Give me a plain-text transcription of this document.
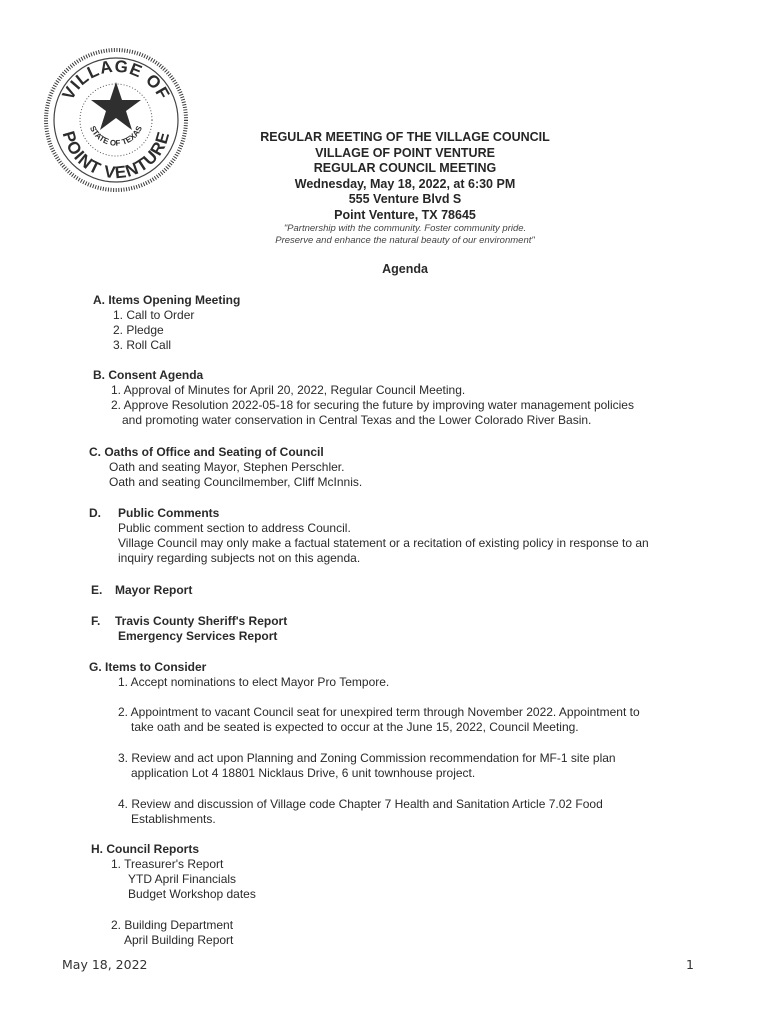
VILLAGE OF
STATE OF TEXAS
POINT VENTURE	REGULAR MEETING OF THE VILLAGE COUNCIL
VILLAGE OF POINT VENTURE
REGULAR COUNCIL MEETING
Wednesday, May 18, 2022, at 6:30 PM
555 Venture Blvd S
Point Venture, TX 78645
"Partnership with the community. Foster community pride.
Preserve and enhance the natural beauty of our environment"
Agenda
A. Items Opening Meeting
1. Call to Order
2. Pledge
3. Roll Call
B. Consent Agenda
1. Approval of Minutes for April 20, 2022, Regular Council Meeting.
2. Approve Resolution 2022-05-18 for securing the future by improving water management policies
and promoting water conservation in Central Texas and the Lower Colorado River Basin.
C. Oaths of Office and Seating of Council
Oath and seating Mayor, Stephen Perschler.
Oath and seating Councilmember, Cliff McInnis.
D. Public Comments
Public comment section to address Council.
Village Council may only make a factual statement or a recitation of existing policy in response to an
inquiry regarding subjects not on this agenda.
E. Mayor Report
F. Travis County Sheriff's Report
Emergency Services Report
G. Items to Consider
1. Accept nominations to elect Mayor Pro Tempore.
2. Appointment to vacant Council seat for unexpired term through November 2022. Appointment to
take oath and be seated is expected to occur at the June 15, 2022, Council Meeting.
3. Review and act upon Planning and Zoning Commission recommendation for MF-1 site plan
application Lot 4 18801 Nicklaus Drive, 6 unit townhouse project.
4. Review and discussion of Village code Chapter 7 Health and Sanitation Article 7.02 Food
Establishments.
H. Council Reports
1. Treasurer's Report
YTD April Financials
Budget Workshop dates
2. Building Department
April Building Report
May 18, 2022	1
